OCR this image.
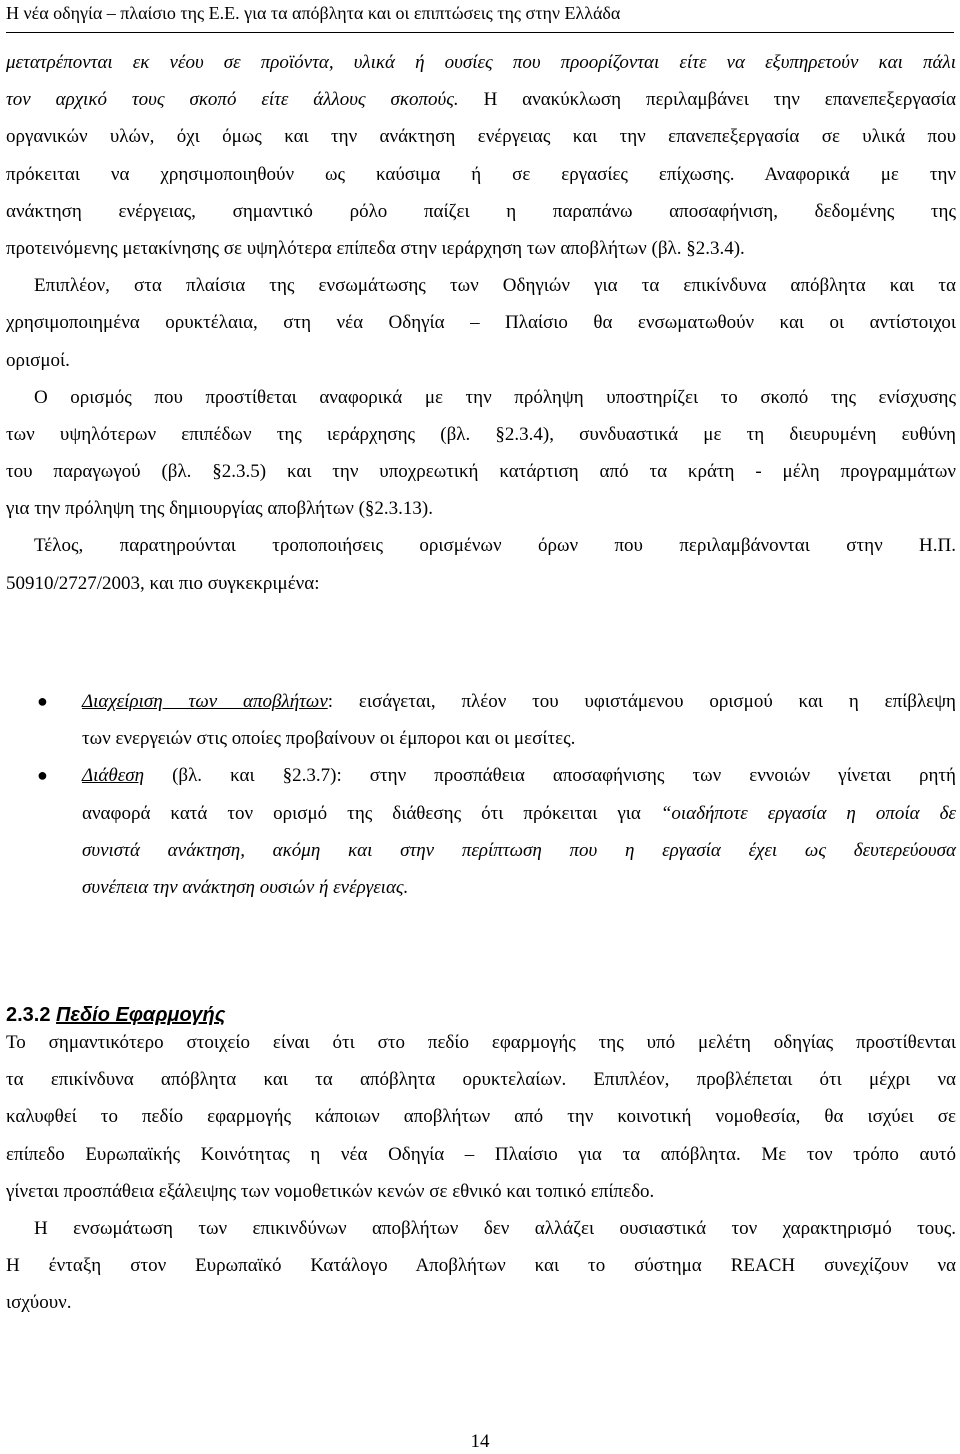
Η νέα οδηγία – πλαίσιο της Ε.Ε. για τα απόβλητα και οι επιπτώσεις της στην Ελλάδα
μετατρέπονται εκ νέου σε προϊόντα, υλικά ή ουσίες που προορίζονται είτε να εξυπηρετούν και πάλι
τον αρχικό τους σκοπό είτε άλλους σκοπούς. Η ανακύκλωση περιλαμβάνει την επανεπεξεργασία
οργανικών υλών, όχι όμως και την ανάκτηση ενέργειας και την επανεπεξεργασία σε υλικά που
πρόκειται να χρησιμοποιηθούν ως καύσιμα ή σε εργασίες επίχωσης. Αναφορικά με την
ανάκτηση ενέργειας, σημαντικό ρόλο παίζει η παραπάνω αποσαφήνιση, δεδομένης της
προτεινόμενης μετακίνησης σε υψηλότερα επίπεδα στην ιεράρχηση των αποβλήτων (βλ. §2.3.4).
Επιπλέον, στα πλαίσια της ενσωμάτωσης των Οδηγιών για τα επικίνδυνα απόβλητα και τα
χρησιμοποιημένα ορυκτέλαια, στη νέα Οδηγία – Πλαίσιο θα ενσωματωθούν και οι αντίστοιχοι
ορισμοί.
Ο ορισμός που προστίθεται αναφορικά με την πρόληψη υποστηρίζει το σκοπό της ενίσχυσης
των υψηλότερων επιπέδων της ιεράρχησης (βλ. §2.3.4), συνδυαστικά με τη διευρυμένη ευθύνη
του παραγωγού (βλ. §2.3.5) και την υποχρεωτική κατάρτιση από τα κράτη - μέλη προγραμμάτων
για την πρόληψη της δημιουργίας αποβλήτων (§2.3.13).
Τέλος, παρατηρούνται τροποποιήσεις ορισμένων όρων που περιλαμβάνονται στην Η.Π.
50910/2727/2003, και πιο συγκεκριμένα:
●	Διαχείριση των αποβλήτων: εισάγεται, πλέον του υφιστάμενου ορισμού και η επίβλεψη
των ενεργειών στις οποίες προβαίνουν οι έμποροι και οι μεσίτες.
●	Διάθεση (βλ. και §2.3.7): στην προσπάθεια αποσαφήνισης των εννοιών γίνεται ρητή
αναφορά κατά τον ορισμό της διάθεσης ότι πρόκειται για “οιαδήποτε εργασία η οποία δε
συνιστά ανάκτηση, ακόμη και στην περίπτωση που η εργασία έχει ως δευτερεύουσα
συνέπεια την ανάκτηση ουσιών ή ενέργειας.
2.3.2 Πεδίο Εφαρμογής
Το σημαντικότερο στοιχείο είναι ότι στο πεδίο εφαρμογής της υπό μελέτη οδηγίας προστίθενται
τα επικίνδυνα απόβλητα και τα απόβλητα ορυκτελαίων. Επιπλέον, προβλέπεται ότι μέχρι να
καλυφθεί το πεδίο εφαρμογής κάποιων αποβλήτων από την κοινοτική νομοθεσία, θα ισχύει σε
επίπεδο Ευρωπαϊκής Κοινότητας η νέα Οδηγία – Πλαίσιο για τα απόβλητα. Με τον τρόπο αυτό
γίνεται προσπάθεια εξάλειψης των νομοθετικών κενών σε εθνικό και τοπικό επίπεδο.
Η ενσωμάτωση των επικινδύνων αποβλήτων δεν αλλάζει ουσιαστικά τον χαρακτηρισμό τους.
Η ένταξη στον Ευρωπαϊκό Κατάλογο Αποβλήτων και το σύστημα REACH συνεχίζουν να
ισχύουν.
14
